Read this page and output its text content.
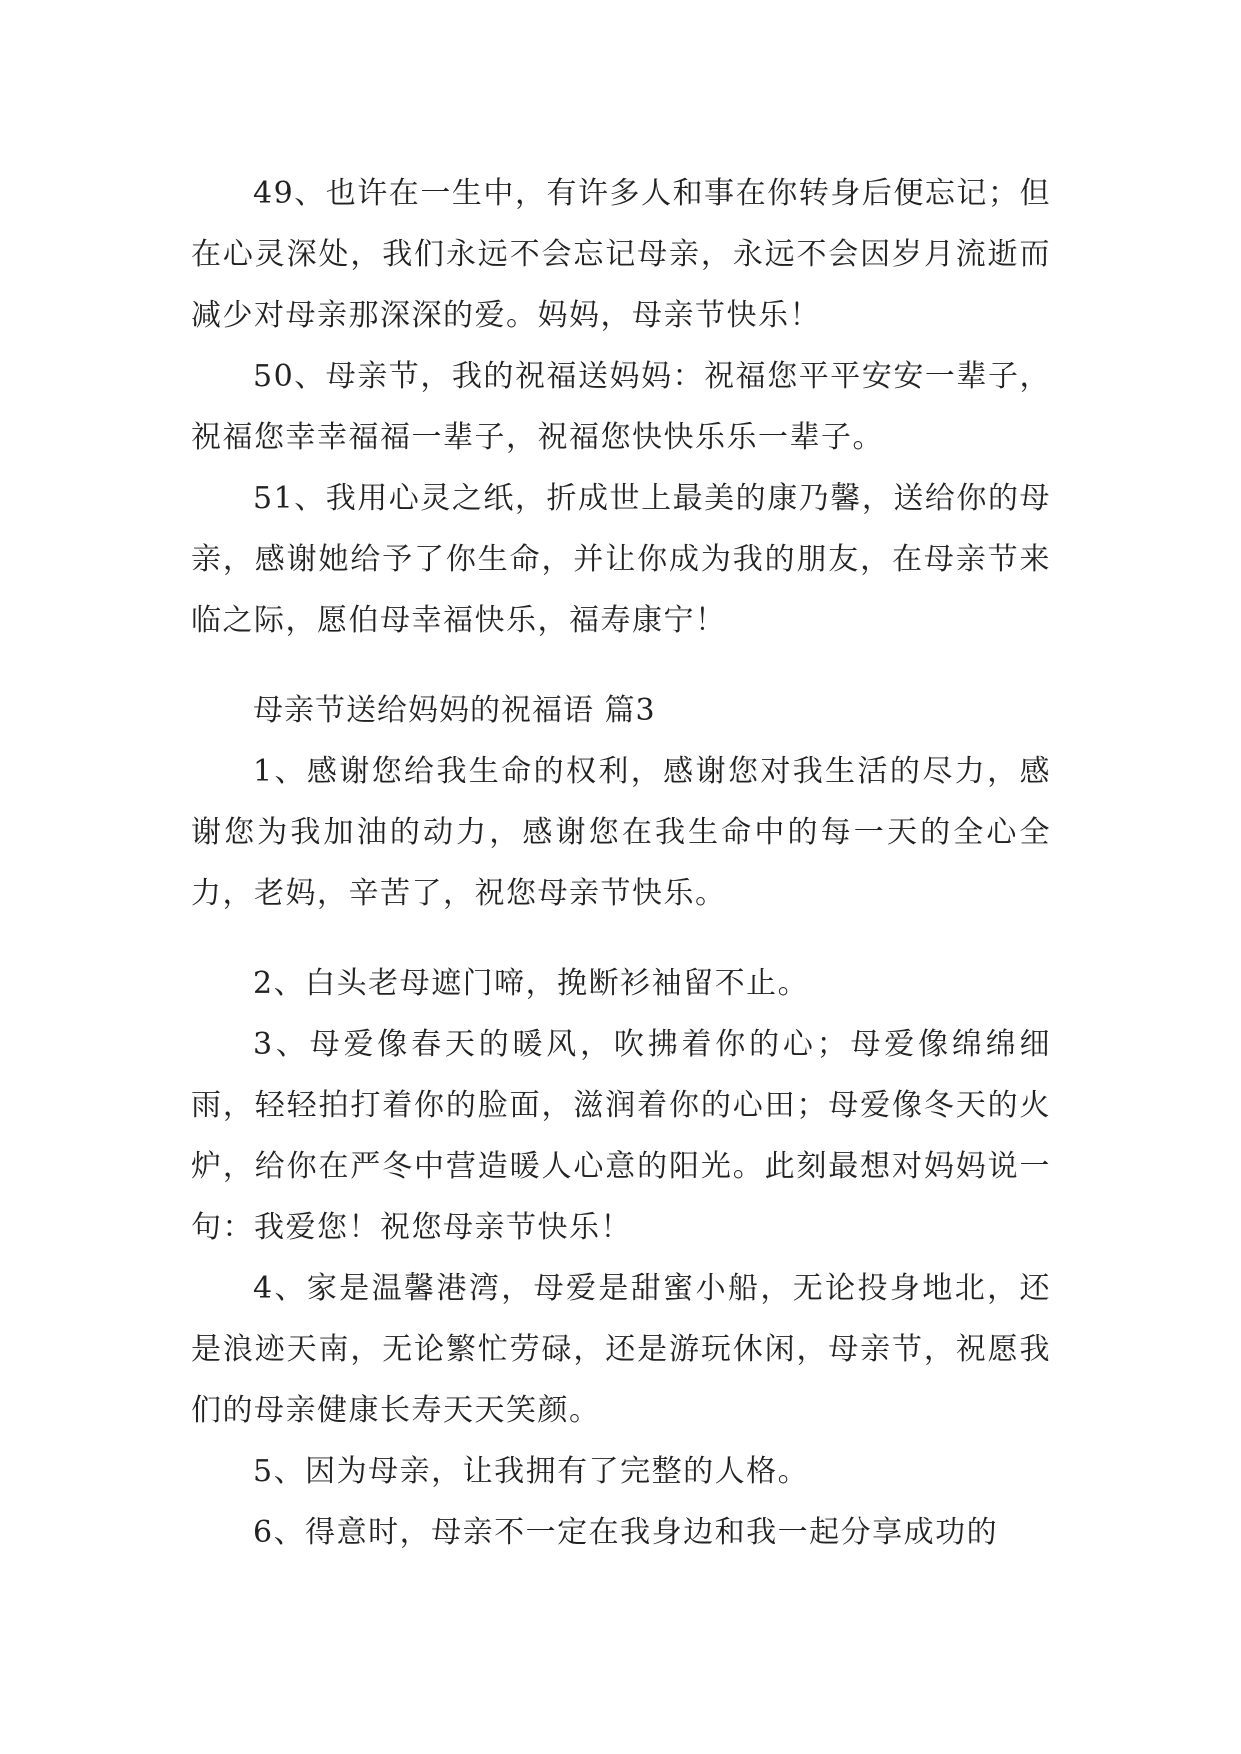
49、也许在一生中，有许多人和事在你转身后便忘记；但在心灵深处，我们永远不会忘记母亲，永远不会因岁月流逝而减少对母亲那深深的爱。妈妈，母亲节快乐！

50、母亲节，我的祝福送妈妈：祝福您平平安安一辈子，祝福您幸幸福福一辈子，祝福您快快乐乐一辈子。

51、我用心灵之纸，折成世上最美的康乃馨，送给你的母亲，感谢她给予了你生命，并让你成为我的朋友，在母亲节来临之际，愿伯母幸福快乐，福寿康宁！

母亲节送给妈妈的祝福语 篇3

1、感谢您给我生命的权利，感谢您对我生活的尽力，感谢您为我加油的动力，感谢您在我生命中的每一天的全心全力，老妈，辛苦了，祝您母亲节快乐。

2、白头老母遮门啼，挽断衫袖留不止。

3、母爱像春天的暖风，吹拂着你的心；母爱像绵绵细雨，轻轻拍打着你的脸面，滋润着你的心田；母爱像冬天的火炉，给你在严冬中营造暖人心意的阳光。此刻最想对妈妈说一句：我爱您！祝您母亲节快乐！

4、家是温馨港湾，母爱是甜蜜小船，无论投身地北，还是浪迹天南，无论繁忙劳碌，还是游玩休闲，母亲节，祝愿我们的母亲健康长寿天天笑颜。

5、因为母亲，让我拥有了完整的人格。

6、得意时，母亲不一定在我身边和我一起分享成功的
